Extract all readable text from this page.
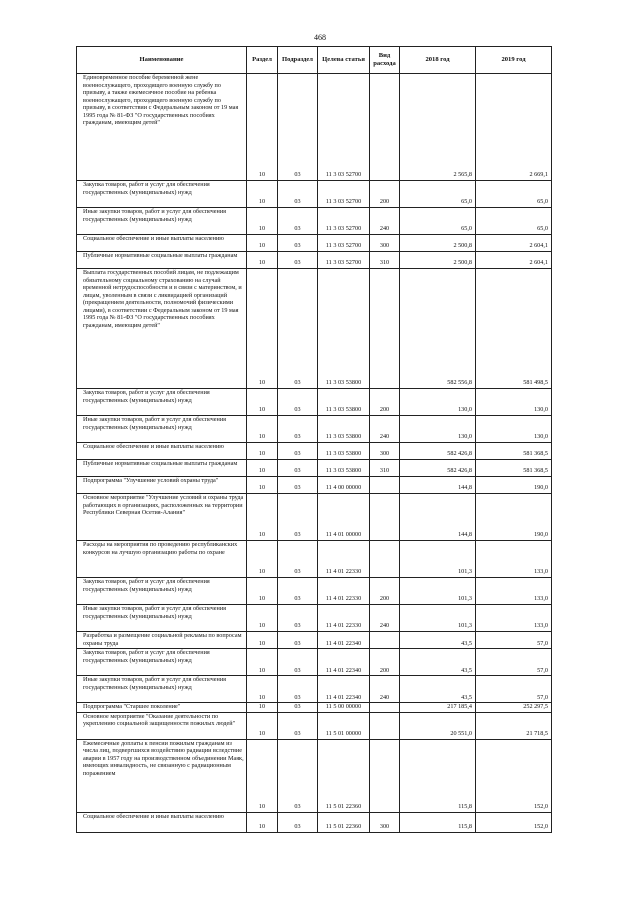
468
Наименование	Раздел	Подраздел	Целева статья	Вид расхода	2018 год	2019 год
Единовременное пособие беременной жене военнослужащего, проходящего военную службу по призыву, а также ежемесячное пособие на ребенка военнослужащего, проходящего военную службу по призыву, в соответствии с Федеральным законом от 19 мая 1995 года № 81-ФЗ "О государственных пособиях гражданам, имеющим детей"	10	03	11 3 03 52700		2 565,8	2 669,1
Закупка товаров, работ и услуг для обеспечения государственных (муниципальных) нужд	10	03	11 3 03 52700	200	65,0	65,0
Иные закупки товаров, работ и услуг для обеспечения государственных (муниципальных) нужд	10	03	11 3 03 52700	240	65,0	65,0
Социальное обеспечение и иные выплаты населению	10	03	11 3 03 52700	300	2 500,8	2 604,1
Публичные нормативные социальные выплаты гражданам	10	03	11 3 03 52700	310	2 500,8	2 604,1
Выплата государственных пособий лицам, не подлежащим обязательному социальному страхованию на случай временной нетрудоспособности и в связи с материнством, и лицам, уволенным в связи с ликвидацией организаций (прекращением деятельности, полномочий физическими лицами), в соответствии с Федеральным законом от 19 мая 1995 года № 81-ФЗ "О государственных пособиях гражданам, имеющим детей"	10	03	11 3 03 53800		582 556,8	581 498,5
Закупка товаров, работ и услуг для обеспечения государственных (муниципальных) нужд	10	03	11 3 03 53800	200	130,0	130,0
Иные закупки товаров, работ и услуг для обеспечения государственных (муниципальных) нужд	10	03	11 3 03 53800	240	130,0	130,0
Социальное обеспечение и иные выплаты населению	10	03	11 3 03 53800	300	582 426,8	581 368,5
Публичные нормативные социальные выплаты гражданам	10	03	11 3 03 53800	310	582 426,8	581 368,5
Подпрограмма "Улучшение условий охраны труда"	10	03	11 4 00 00000		144,8	190,0
Основное мероприятие "Улучшение условий и охраны труда работающих в организациях, расположенных на территории Республики Северная Осетия-Алания"	10	03	11 4 01 00000		144,8	190,0
Расходы на мероприятия по проведению республиканских конкурсов на лучшую организацию работы по охране	10	03	11 4 01 22330		101,3	133,0
Закупка товаров, работ и услуг для обеспечения государственных (муниципальных) нужд	10	03	11 4 01 22330	200	101,3	133,0
Иные закупки товаров, работ и услуг для обеспечения государственных (муниципальных) нужд	10	03	11 4 01 22330	240	101,3	133,0
Разработка и размещение социальной рекламы по вопросам охраны труда	10	03	11 4 01 22340		43,5	57,0
Закупка товаров, работ и услуг для обеспечения государственных (муниципальных) нужд	10	03	11 4 01 22340	200	43,5	57,0
Иные закупки товаров, работ и услуг для обеспечения государственных (муниципальных) нужд	10	03	11 4 01 22340	240	43,5	57,0
Подпрограмма "Старшее поколение"	10	03	11 5 00 00000		217 185,4	252 297,5
Основное мероприятие "Оказание деятельности по укреплению социальной защищенности пожилых людей"	10	03	11 5 01 00000		20 551,0	21 718,5
Ежемесячные доплаты к пенсии пожилым гражданам из числа лиц, подвергшихся воздействию радиации вследствие аварии в 1957 году на производственном объединении Маяк, имеющих инвалидность, не связанную с радиационным поражением	10	03	11 5 01 22360		115,8	152,0
Социальное обеспечение и иные выплаты населению	10	03	11 5 01 22360	300	115,8	152,0
